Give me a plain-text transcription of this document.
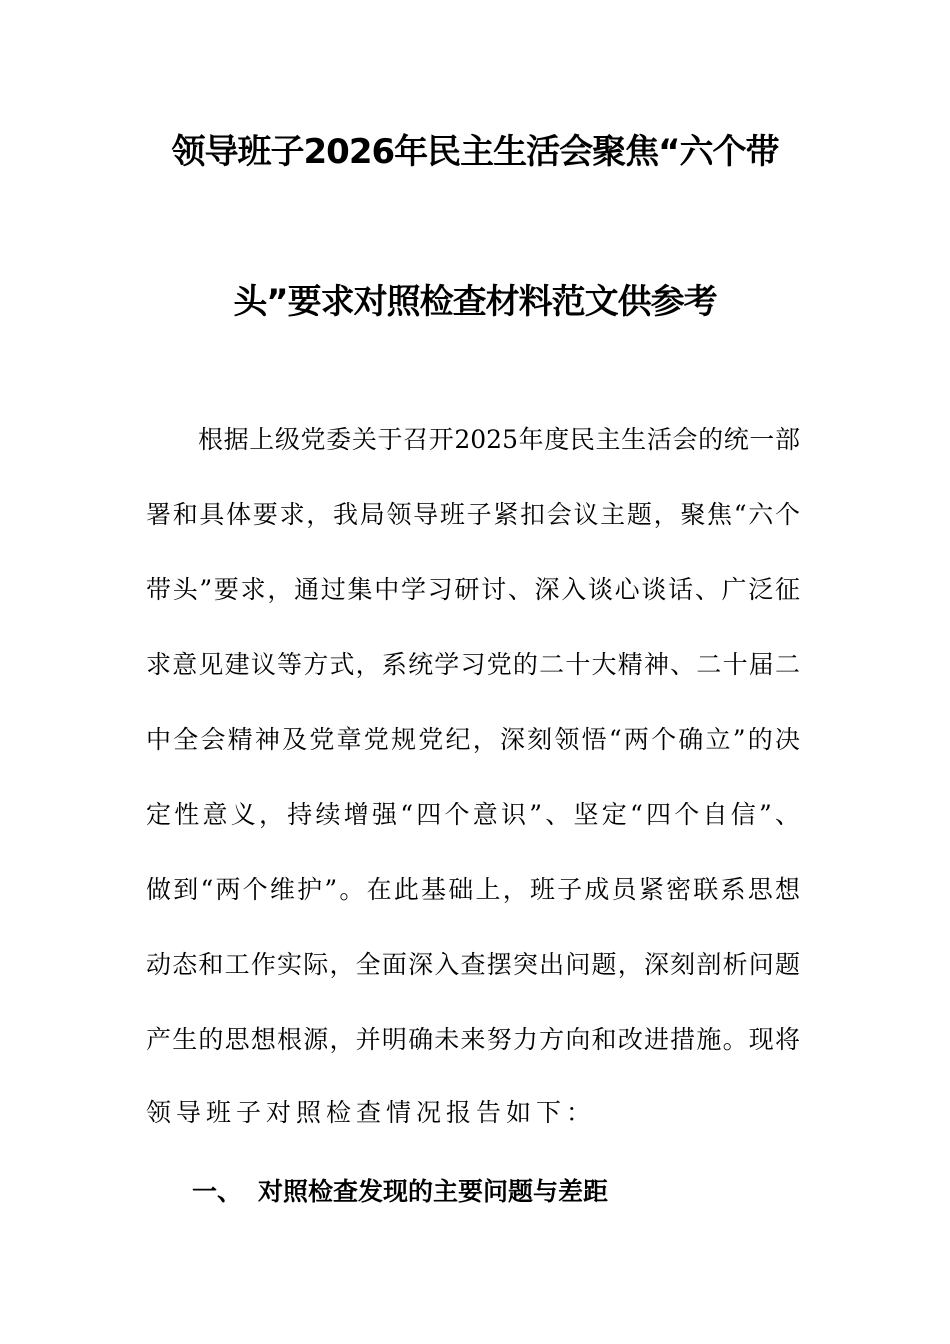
领导班子2026年民主生活会聚焦“六个带
头”要求对照检查材料范文供参考
根据上级党委关于召开2025年度民主生活会的统一部
署和具体要求，我局领导班子紧扣会议主题，聚焦“六个
带头”要求，通过集中学习研讨、深入谈心谈话、广泛征
求意见建议等方式，系统学习党的二十大精神、二十届二
中全会精神及党章党规党纪，深刻领悟“两个确立”的决
定性意义，持续增强“四个意识”、坚定“四个自信”、
做到“两个维护”。在此基础上，班子成员紧密联系思想
动态和工作实际，全面深入查摆突出问题，深刻剖析问题
产生的思想根源，并明确未来努力方向和改进措施。现将
领导班子对照检查情况报告如下：
一、 对照检查发现的主要问题与差距
